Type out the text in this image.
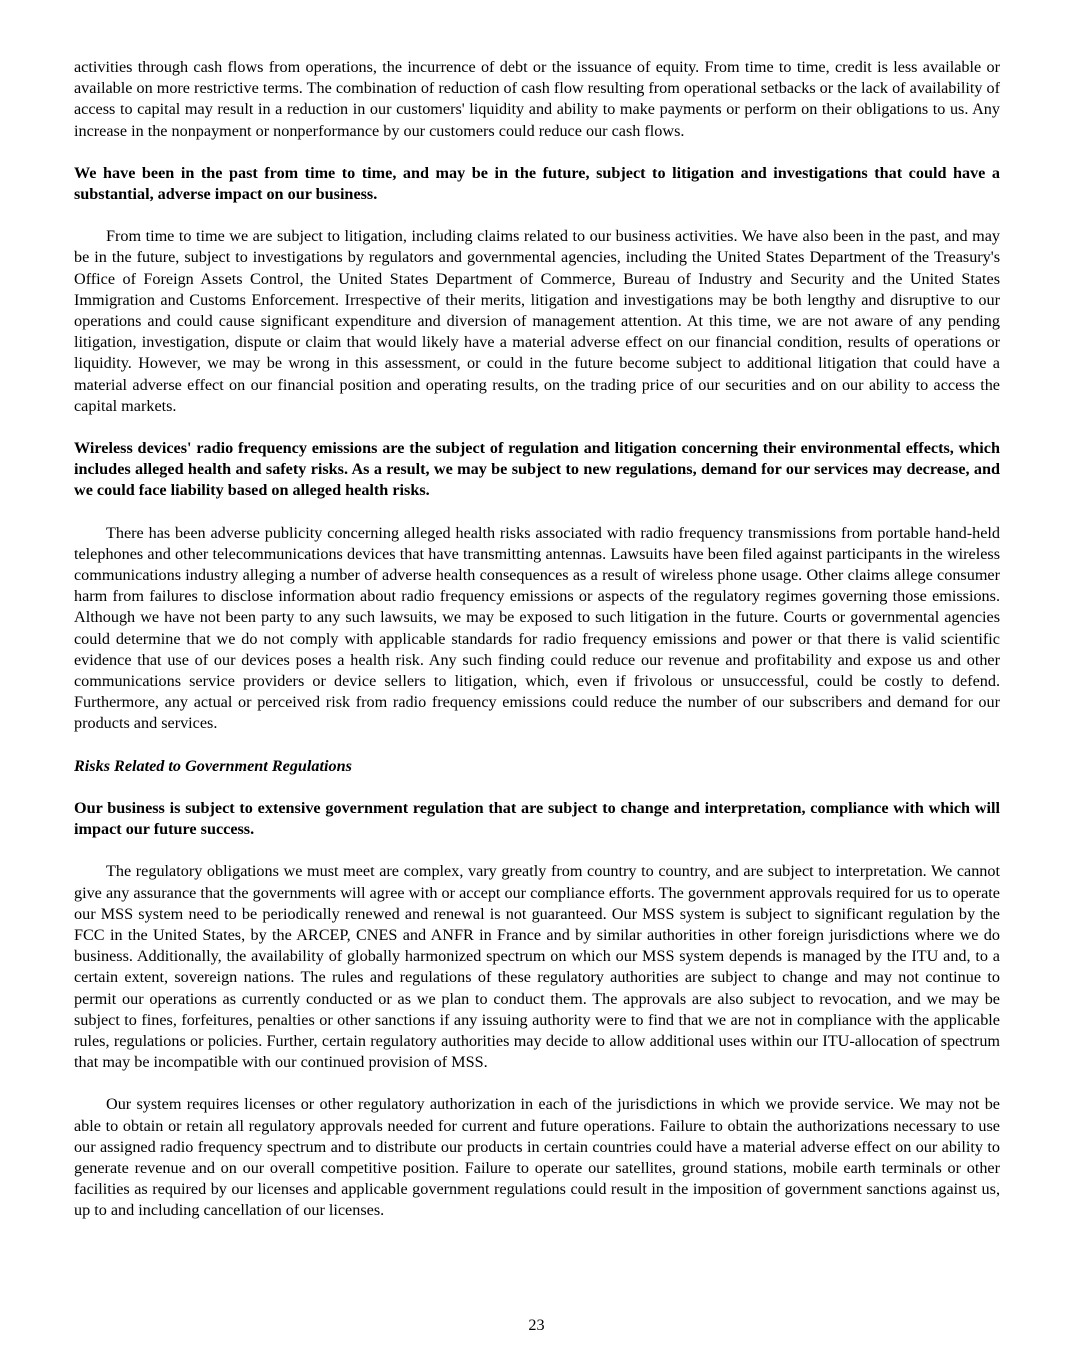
activities through cash flows from operations, the incurrence of debt or the issuance of equity. From time to time, credit is less available or available on more restrictive terms. The combination of reduction of cash flow resulting from operational setbacks or the lack of availability of access to capital may result in a reduction in our customers' liquidity and ability to make payments or perform on their obligations to us. Any increase in the nonpayment or nonperformance by our customers could reduce our cash flows.

We have been in the past from time to time, and may be in the future, subject to litigation and investigations that could have a substantial, adverse impact on our business.

From time to time we are subject to litigation, including claims related to our business activities. We have also been in the past, and may be in the future, subject to investigations by regulators and governmental agencies, including the United States Department of the Treasury's Office of Foreign Assets Control, the United States Department of Commerce, Bureau of Industry and Security and the United States Immigration and Customs Enforcement. Irrespective of their merits, litigation and investigations may be both lengthy and disruptive to our operations and could cause significant expenditure and diversion of management attention. At this time, we are not aware of any pending litigation, investigation, dispute or claim that would likely have a material adverse effect on our financial condition, results of operations or liquidity. However, we may be wrong in this assessment, or could in the future become subject to additional litigation that could have a material adverse effect on our financial position and operating results, on the trading price of our securities and on our ability to access the capital markets.

Wireless devices' radio frequency emissions are the subject of regulation and litigation concerning their environmental effects, which includes alleged health and safety risks. As a result, we may be subject to new regulations, demand for our services may decrease, and we could face liability based on alleged health risks.

There has been adverse publicity concerning alleged health risks associated with radio frequency transmissions from portable hand-held telephones and other telecommunications devices that have transmitting antennas. Lawsuits have been filed against participants in the wireless communications industry alleging a number of adverse health consequences as a result of wireless phone usage. Other claims allege consumer harm from failures to disclose information about radio frequency emissions or aspects of the regulatory regimes governing those emissions. Although we have not been party to any such lawsuits, we may be exposed to such litigation in the future. Courts or governmental agencies could determine that we do not comply with applicable standards for radio frequency emissions and power or that there is valid scientific evidence that use of our devices poses a health risk. Any such finding could reduce our revenue and profitability and expose us and other communications service providers or device sellers to litigation, which, even if frivolous or unsuccessful, could be costly to defend. Furthermore, any actual or perceived risk from radio frequency emissions could reduce the number of our subscribers and demand for our products and services.

Risks Related to Government Regulations

Our business is subject to extensive government regulation that are subject to change and interpretation, compliance with which will impact our future success.

The regulatory obligations we must meet are complex, vary greatly from country to country, and are subject to interpretation. We cannot give any assurance that the governments will agree with or accept our compliance efforts. The government approvals required for us to operate our MSS system need to be periodically renewed and renewal is not guaranteed. Our MSS system is subject to significant regulation by the FCC in the United States, by the ARCEP, CNES and ANFR in France and by similar authorities in other foreign jurisdictions where we do business. Additionally, the availability of globally harmonized spectrum on which our MSS system depends is managed by the ITU and, to a certain extent, sovereign nations. The rules and regulations of these regulatory authorities are subject to change and may not continue to permit our operations as currently conducted or as we plan to conduct them. The approvals are also subject to revocation, and we may be subject to fines, forfeitures, penalties or other sanctions if any issuing authority were to find that we are not in compliance with the applicable rules, regulations or policies. Further, certain regulatory authorities may decide to allow additional uses within our ITU-allocation of spectrum that may be incompatible with our continued provision of MSS.

Our system requires licenses or other regulatory authorization in each of the jurisdictions in which we provide service. We may not be able to obtain or retain all regulatory approvals needed for current and future operations. Failure to obtain the authorizations necessary to use our assigned radio frequency spectrum and to distribute our products in certain countries could have a material adverse effect on our ability to generate revenue and on our overall competitive position. Failure to operate our satellites, ground stations, mobile earth terminals or other facilities as required by our licenses and applicable government regulations could result in the imposition of government sanctions against us, up to and including cancellation of our licenses.

23
